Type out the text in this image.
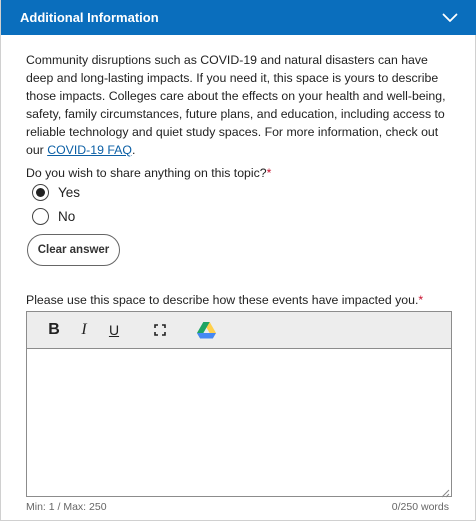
Additional Information

Community disruptions such as COVID-19 and natural disasters can have deep and long-lasting impacts. If you need it, this space is yours to describe those impacts. Colleges care about the effects on your health and well-being, safety, family circumstances, future plans, and education, including access to reliable technology and quiet study spaces. For more information, check out our COVID-19 FAQ.

Do you wish to share anything on this topic?*
Yes
No
Clear answer
Please use this space to describe how these events have impacted you.*
B	I	U
Min: 1 / Max: 250	0/250 words
